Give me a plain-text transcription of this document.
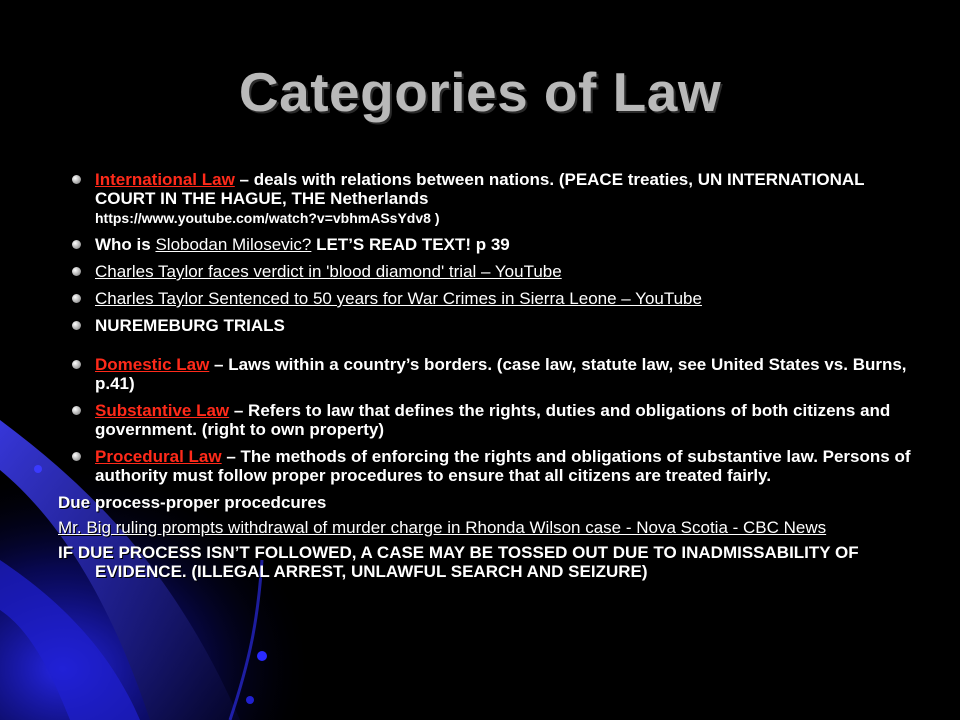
Categories of Law
International Law – deals with relations between nations. (PEACE treaties, UN INTERNATIONAL COURT IN THE HAGUE, THE Netherlands
https://www.youtube.com/watch?v=vbhmASsYdv8 )
Who is Slobodan Milosevic? LET’S READ TEXT! p 39
Charles Taylor faces verdict in 'blood diamond' trial – YouTube
Charles Taylor Sentenced to 50 years for War Crimes in Sierra Leone – YouTube
NUREMEBURG TRIALS
Domestic Law – Laws within a country’s borders. (case law, statute law, see United States vs. Burns, p.41)
Substantive Law – Refers to law that defines the rights, duties and obligations of both citizens and government. (right to own property)
Procedural Law – The methods of enforcing the rights and obligations of substantive law. Persons of authority must follow proper procedures to ensure that all citizens are treated fairly.
Due process-proper procedcures
Mr. Big ruling prompts withdrawal of murder charge in Rhonda Wilson case - Nova Scotia - CBC News
IF DUE PROCESS ISN’T FOLLOWED, A CASE MAY BE TOSSED OUT DUE TO INADMISSABILITY OF EVIDENCE. (ILLEGAL ARREST, UNLAWFUL SEARCH AND SEIZURE)
